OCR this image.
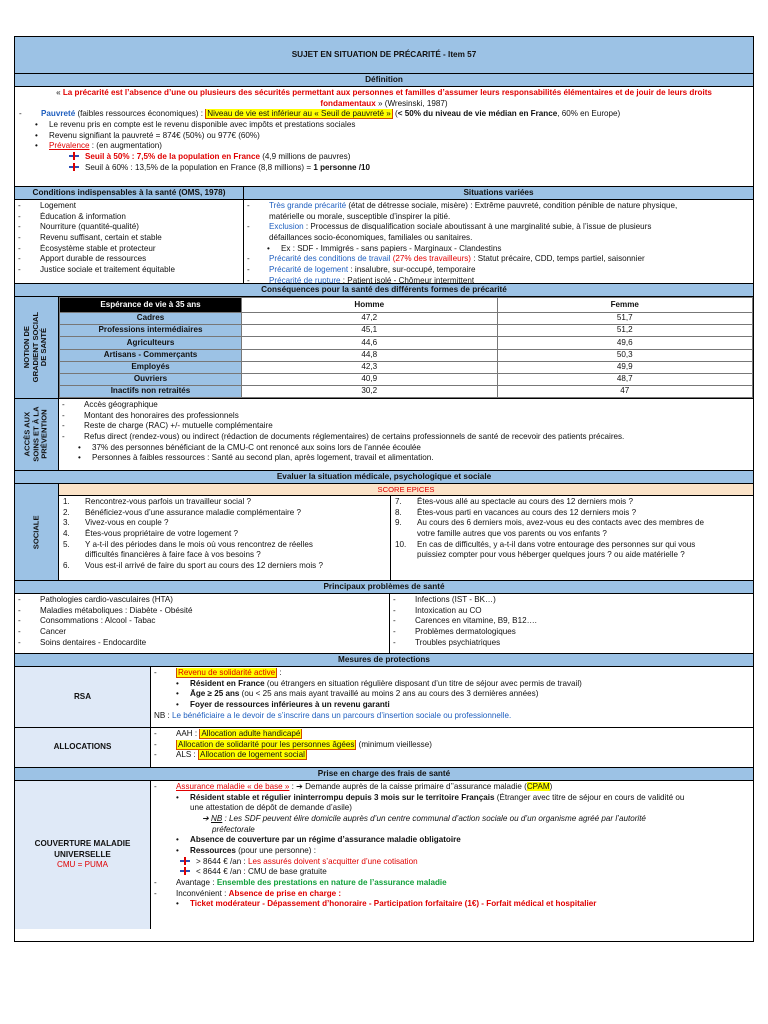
SUJET EN SITUATION DE PRÉCARITÉ - Item 57
Définition
« La précarité est l’absence d’une ou plusieurs des sécurités permettant aux personnes et familles d’assumer leurs responsabilités élémentaires et de jouir de leurs droits
fondamentaux » (Wresinski, 1987)
- Pauvreté (faibles ressources économiques) : Niveau de vie est inférieur au « Seuil de pauvreté » (< 50% du niveau de vie médian en France, 60% en Europe)
• Le revenu pris en compte est le revenu disponible avec impôts et prestations sociales
• Revenu signifiant la pauvreté = 874€ (50%) ou 977€ (60%)
• Prévalence : (en augmentation)
Seuil à 50% : 7,5% de la population en France (4,9 millions de pauvres)
Seuil à 60% : 13,5% de la population en France (8,8 millions) = 1 personne /10
Conditions indispensables à la santé (OMS, 1978)	Situations variées
- Logement
- Éducation & information
- Nourriture (quantité-qualité)
- Revenu suffisant, certain et stable
- Écosystème stable et protecteur
- Apport durable de ressources
- Justice sociale et traitement équitable
- Très grande précarité (état de détresse sociale, misère) : Extrême pauvreté, condition pénible de nature physique,
matérielle ou morale, susceptible d’inspirer la pitié.
- Exclusion : Processus de disqualification sociale aboutissant à une marginalité subie, à l’issue de plusieurs
défaillances socio-économiques, familiales ou sanitaires.
• Ex : SDF - Immigrés - sans papiers - Marginaux - Clandestins
- Précarité des conditions de travail (27% des travailleurs) : Statut précaire, CDD, temps partiel, saisonnier
- Précarité de logement : insalubre, sur-occupé, temporaire
- Précarité de rupture : Patient isolé - Chômeur intermittent
Conséquences pour la santé des différents formes de précarité
NOTION DE
GRADIENT SOCIAL
DE SANTÉ
Espérance de vie à 35 ans	Homme	Femme
Cadres	47,2	51,7
Professions intermédiaires	45,1	51,2
Agriculteurs	44,6	49,6
Artisans - Commerçants	44,8	50,3
Employés	42,3	49,9
Ouvriers	40,9	48,7
Inactifs non retraités	30,2	47
ACCÈS AUX
SOINS ET À LA
PRÉVENTION
- Accès géographique
- Montant des honoraires des professionnels
- Reste de charge (RAC) +/- mutuelle complémentaire
- Refus direct (rendez-vous) ou indirect (rédaction de documents réglementaires) de certains professionnels de santé de recevoir des patients précaires.
• 37% des personnes bénéficiant de la CMU-C ont renoncé aux soins lors de l’année écoulée
• Personnes à faibles ressources : Santé au second plan, après logement, travail et alimentation.
Evaluer la situation médicale, psychologique et sociale
SOCIALE
SCORE EPICES
1. Rencontrez-vous parfois un travailleur social ?
2. Bénéficiez-vous d’une assurance maladie complémentaire ?
3. Vivez-vous en couple ?
4. Êtes-vous propriétaire de votre logement ?
5. Y a-t-il des périodes dans le mois où vous rencontrez de réelles
difficultés financières à faire face à vos besoins ?
6. Vous est-il arrivé de faire du sport au cours des 12 derniers mois ?
7. Êtes-vous allé au spectacle au cours des 12 derniers mois ?
8. Êtes-vous parti en vacances au cours des 12 derniers mois ?
9. Au cours des 6 derniers mois, avez-vous eu des contacts avec des membres de
votre famille autres que vos parents ou vos enfants ?
10. En cas de difficultés, y a-t-il dans votre entourage des personnes sur qui vous
puissiez compter pour vous héberger quelques jours ? ou aide matérielle ?
Principaux problèmes de santé
- Pathologies cardio-vasculaires (HTA)
- Maladies métaboliques : Diabète - Obésité
- Consommations : Alcool - Tabac
- Cancer
- Soins dentaires - Endocardite
- Infections (IST - BK…)
- Intoxication au CO
- Carences en vitamine, B9, B12….
- Problèmes dermatologiques
- Troubles psychiatriques
Mesures de protections
RSA
-	Revenu de solidarité active :
• Résident en France (ou étrangers en situation régulière disposant d’un titre de séjour avec permis de travail)
• Âge ≥ 25 ans (ou < 25 ans mais ayant travaillé au moins 2 ans au cours des 3 dernières années)
• Foyer de ressources inférieures à un revenu garanti
NB : Le bénéficiaire a le devoir de s’inscrire dans un parcours d’insertion sociale ou professionnelle.
ALLOCATIONS
- AAH : Allocation adulte handicapé
-	Allocation de solidarité pour les personnes âgées (minimum vieillesse)
- ALS : Allocation de logement social
Prise en charge des frais de santé
COUVERTURE MALADIE
UNIVERSELLE
CMU = PUMA
- Assurance maladie « de base » : ➔ Demande auprès de la caisse primaire d’’assurance maladie (CPAM)
• Résident stable et régulier ininterrompu depuis 3 mois sur le territoire Français (Étranger avec titre de séjour en cours de validité ou
une attestation de dépôt de demande d’asile)
➔ NB : Les SDF peuvent élire domicile auprès d’un centre communal d’action sociale ou d’un organisme agréé par l’autorité
préfectorale
• Absence de couverture par un régime d’assurance maladie obligatoire
• Ressources (pour une personne) :
> 8644 € /an : Les assurés doivent s’acquitter d’une cotisation
< 8644 € /an : CMU de base gratuite
- Avantage : Ensemble des prestations en nature de l’assurance maladie
- Inconvénient : Absence de prise en charge :
• Ticket modérateur - Dépassement d’honoraire - Participation forfaitaire (1€) - Forfait médical et hospitalier
